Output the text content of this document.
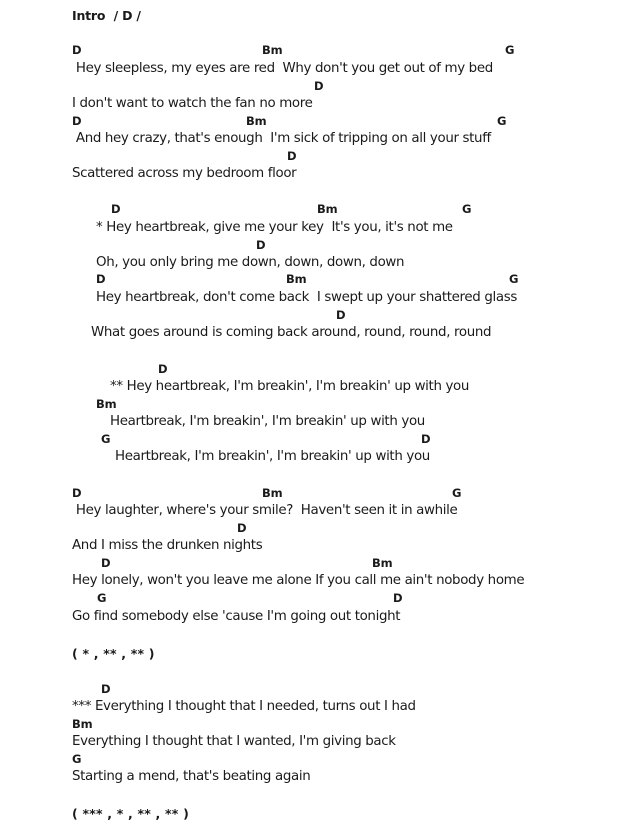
Intro  / D /
D	Bm	G
Hey sleepless, my eyes are red  Why don't you get out of my bed
D
I don't want to watch the fan no more
D	Bm	G
And hey crazy, that's enough  I'm sick of tripping on all your stuff
D
Scattered across my bedroom floor
D	Bm	G
* Hey heartbreak, give me your key  It's you, it's not me
D
Oh, you only bring me down, down, down, down
D	Bm	G
Hey heartbreak, don't come back  I swept up your shattered glass
D
What goes around is coming back around, round, round, round
D
** Hey heartbreak, I'm breakin', I'm breakin' up with you
Bm
Heartbreak, I'm breakin', I'm breakin' up with you
G	D
Heartbreak, I'm breakin', I'm breakin' up with you
D	Bm	G
Hey laughter, where's your smile?  Haven't seen it in awhile
D
And I miss the drunken nights
D	Bm
Hey lonely, won't you leave me alone If you call me ain't nobody home
G	D
Go find somebody else 'cause I'm going out tonight
( * , ** , ** )
D
*** Everything I thought that I needed, turns out I had
Bm
Everything I thought that I wanted, I'm giving back
G
Starting a mend, that's beating again
( *** , * , ** , ** )
